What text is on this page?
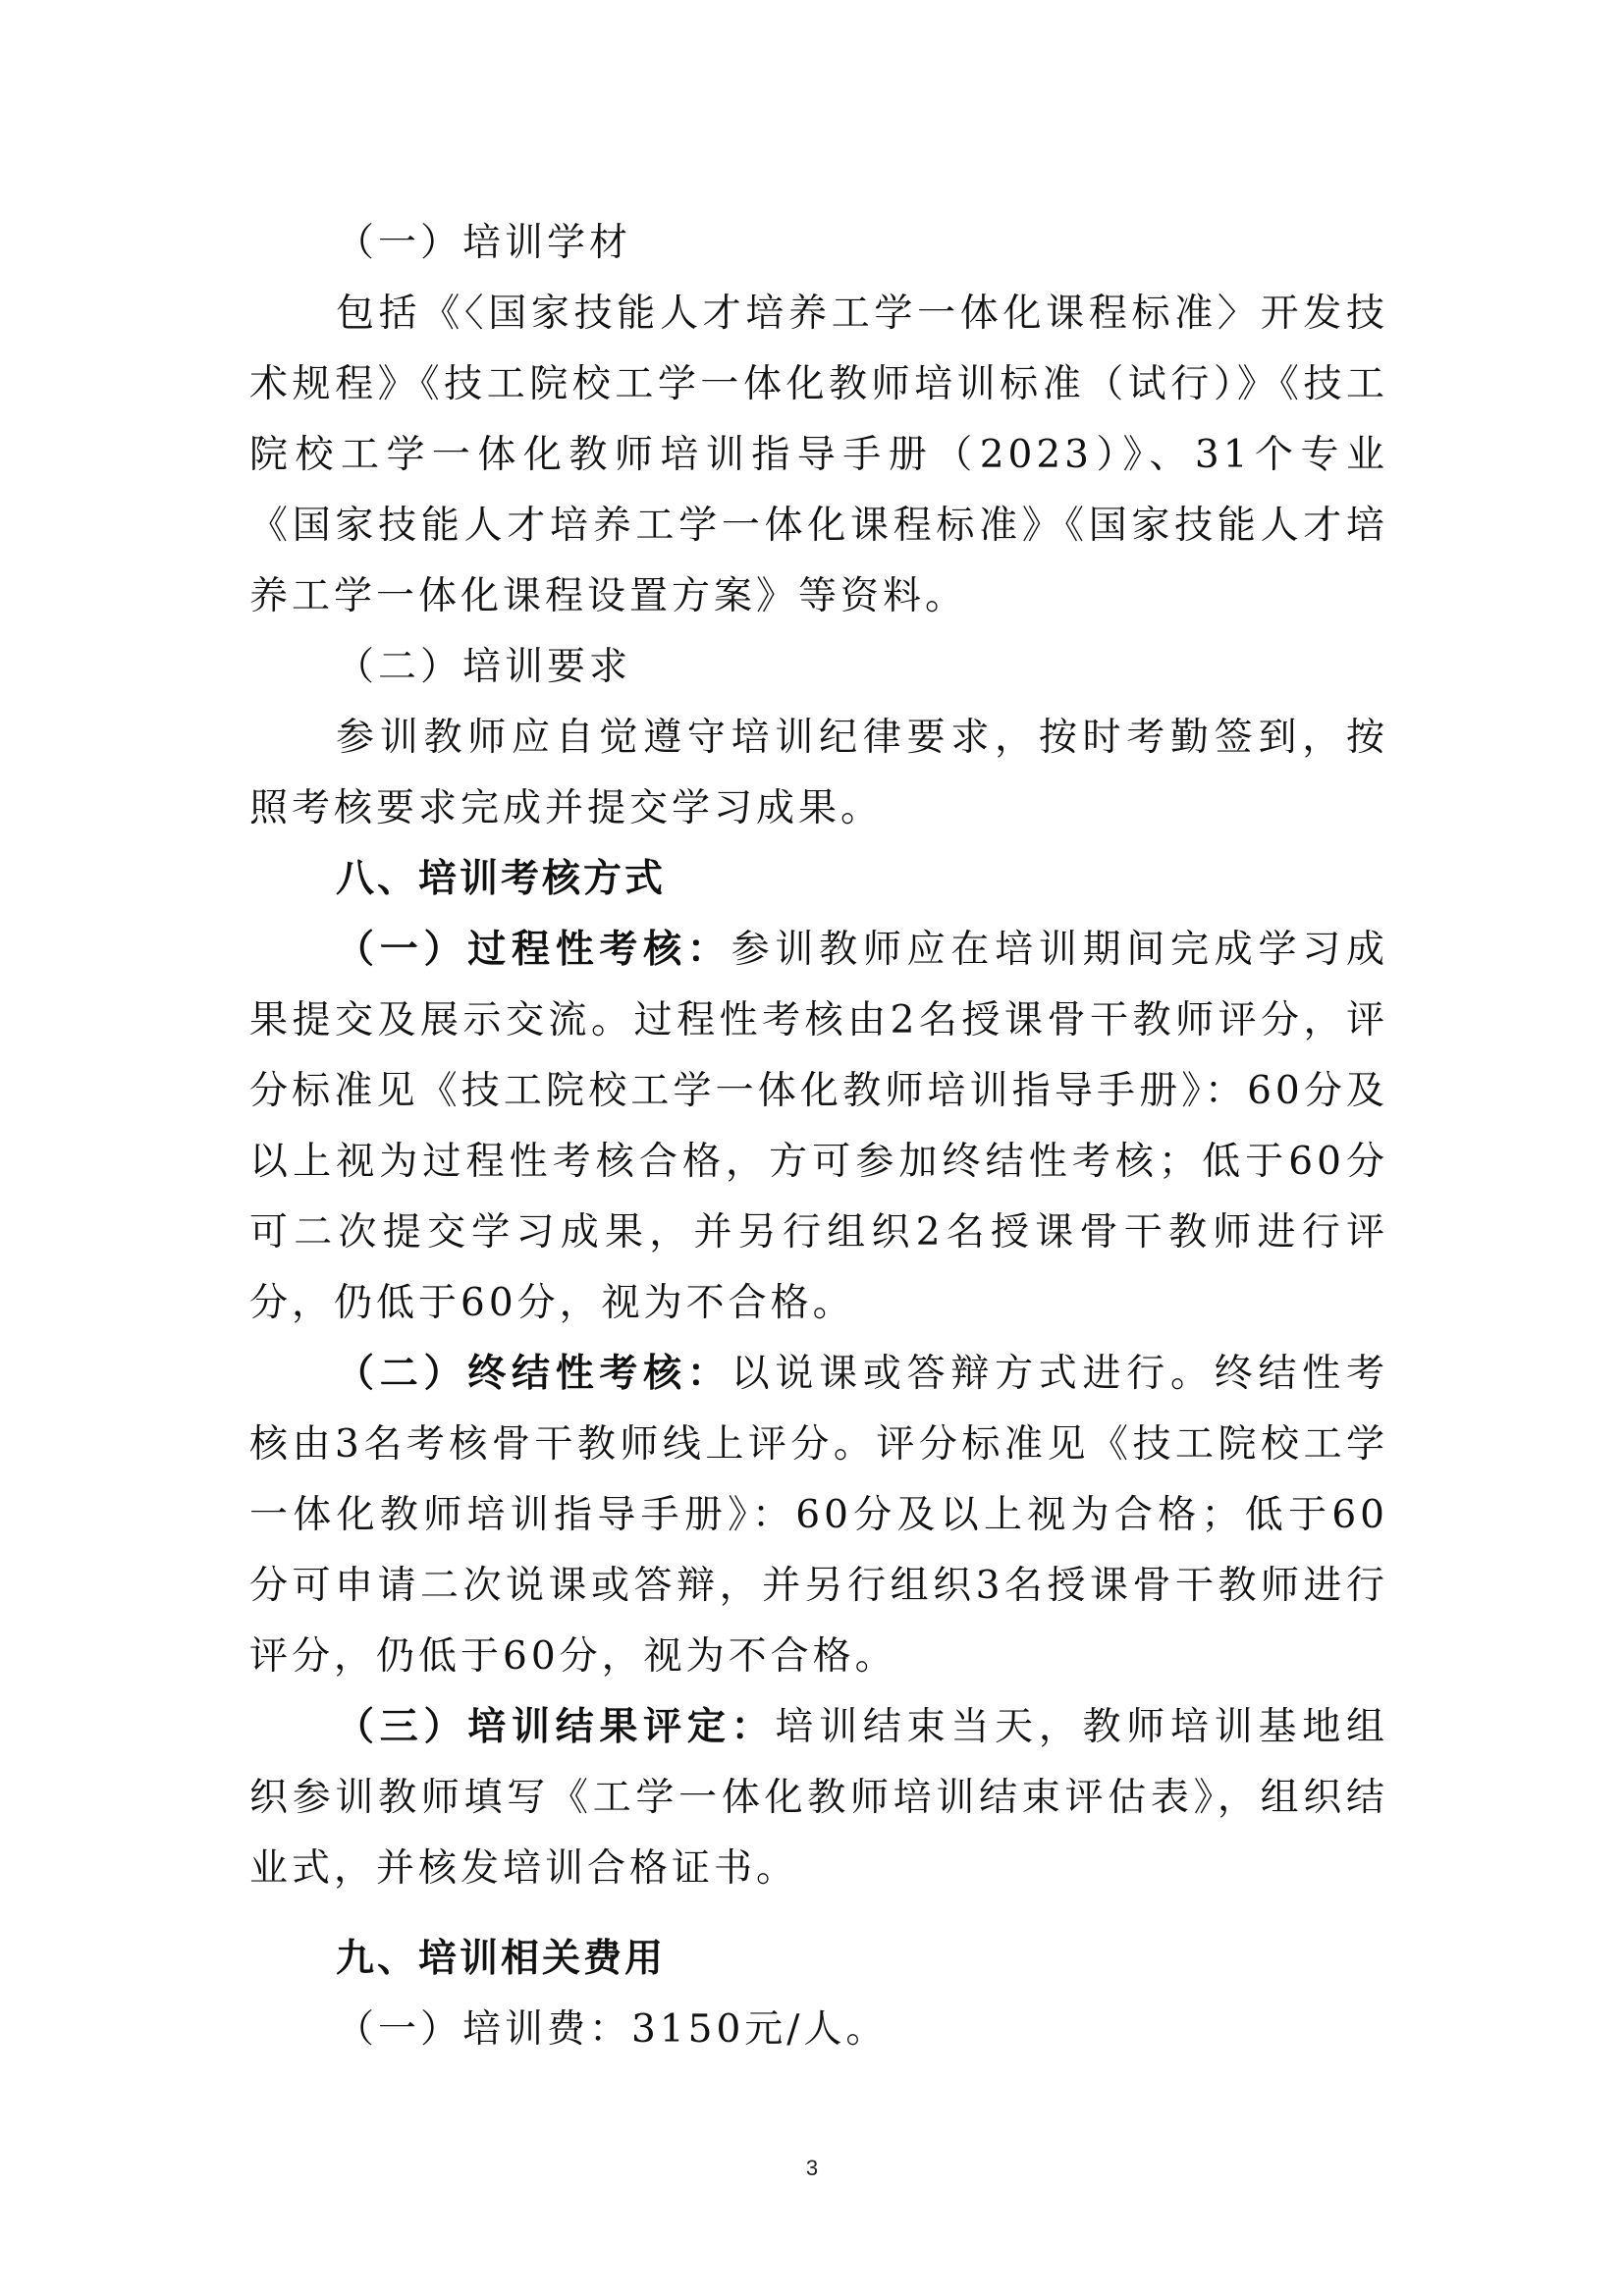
（一）培训学材

包括《〈国家技能人才培养工学一体化课程标准〉开发技术规程》《技工院校工学一体化教师培训标准（试行）》《技工院校工学一体化教师培训指导手册（2023）》、31个专业《国家技能人才培养工学一体化课程标准》《国家技能人才培养工学一体化课程设置方案》等资料。

（二）培训要求

参训教师应自觉遵守培训纪律要求，按时考勤签到，按照考核要求完成并提交学习成果。

八、培训考核方式

（一）过程性考核：参训教师应在培训期间完成学习成果提交及展示交流。过程性考核由2名授课骨干教师评分，评分标准见《技工院校工学一体化教师培训指导手册》：60分及以上视为过程性考核合格，方可参加终结性考核；低于60分可二次提交学习成果，并另行组织2名授课骨干教师进行评分，仍低于60分，视为不合格。

（二）终结性考核：以说课或答辩方式进行。终结性考核由3名考核骨干教师线上评分。评分标准见《技工院校工学一体化教师培训指导手册》：60分及以上视为合格；低于60分可申请二次说课或答辩，并另行组织3名授课骨干教师进行评分，仍低于60分，视为不合格。

（三）培训结果评定：培训结束当天，教师培训基地组织参训教师填写《工学一体化教师培训结束评估表》，组织结业式，并核发培训合格证书。

九、培训相关费用

（一）培训费：3150元/人。

3
